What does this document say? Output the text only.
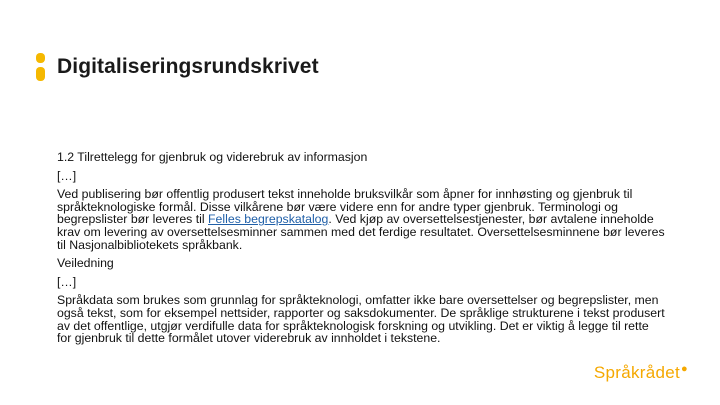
Digitaliseringsrundskrivet

1.2 Tilrettelegg for gjenbruk og viderebruk av informasjon

[…]

Ved publisering bør offentlig produsert tekst inneholde bruksvilkår som åpner for innhøsting og gjenbruk til språkteknologiske formål. Disse vilkårene bør være videre enn for andre typer gjenbruk. Terminologi og begrepslister bør leveres til Felles begrepskatalog. Ved kjøp av oversettelsestjenester, bør avtalene inneholde krav om levering av oversettelsesminner sammen med det ferdige resultatet. Oversettelsesminnene bør leveres til Nasjonalbibliotekets språkbank.

Veiledning

[…]

Språkdata som brukes som grunnlag for språkteknologi, omfatter ikke bare oversettelser og begrepslister, men også tekst, som for eksempel nettsider, rapporter og saksdokumenter. De språklige strukturene i tekst produsert av det offentlige, utgjør verdifulle data for språkteknologisk forskning og utvikling. Det er viktig å legge til rette for gjenbruk til dette formålet utover viderebruk av innholdet i tekstene.

Språkrådet●
